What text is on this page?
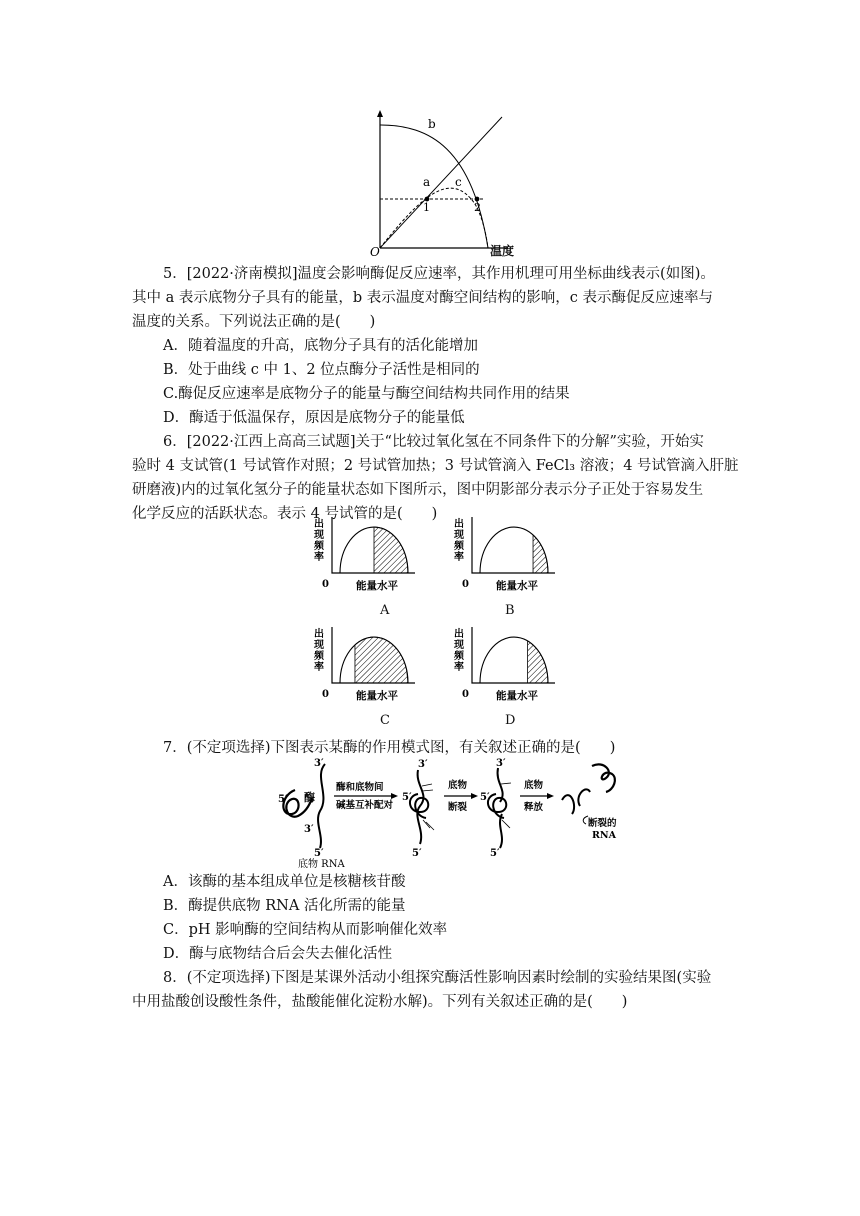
b
a c
1	2
O	温度
5．[2022·济南模拟]温度会影响酶促反应速率，其作用机理可用坐标曲线表示(如图)。
其中 a 表示底物分子具有的能量，b 表示温度对酶空间结构的影响，c 表示酶促反应速率与
温度的关系。下列说法正确的是(　　)
A．随着温度的升高，底物分子具有的活化能增加
B．处于曲线 c 中 1、2 位点酶分子活性是相同的
C.酶促反应速率是底物分子的能量与酶空间结构共同作用的结果
D．酶适于低温保存，原因是底物分子的能量低
6．[2022·江西上高高三试题]关于“比较过氧化氢在不同条件下的分解”实验，开始实
验时 4 支试管(1 号试管作对照；2 号试管加热；3 号试管滴入 FeCl₃ 溶液；4 号试管滴入肝脏
研磨液)内的过氧化氢分子的能量状态如下图所示，图中阴影部分表示分子正处于容易发生
化学反应的活跃状态。表示 4 号试管的是(　　)
出
现
频
率
0	能量水平
出
现
频
率
0	能量水平
出
现
频
率
0	能量水平
出
现
频
率
0	能量水平
A	B
C	D
7．(不定项选择)下图表示某酶的作用模式图，有关叙述正确的是(　　)
酶
5′
3′
3′
5′
底物 RNA
酶和底物间
碱基互补配对
3′
5′
5′
底物
断裂
3′
5′
5′
底物
释放
断裂的
RNA
A．该酶的基本组成单位是核糖核苷酸
B．酶提供底物 RNA 活化所需的能量
C．pH 影响酶的空间结构从而影响催化效率
D．酶与底物结合后会失去催化活性
8．(不定项选择)下图是某课外活动小组探究酶活性影响因素时绘制的实验结果图(实验
中用盐酸创设酸性条件，盐酸能催化淀粉水解)。下列有关叙述正确的是(　　)
